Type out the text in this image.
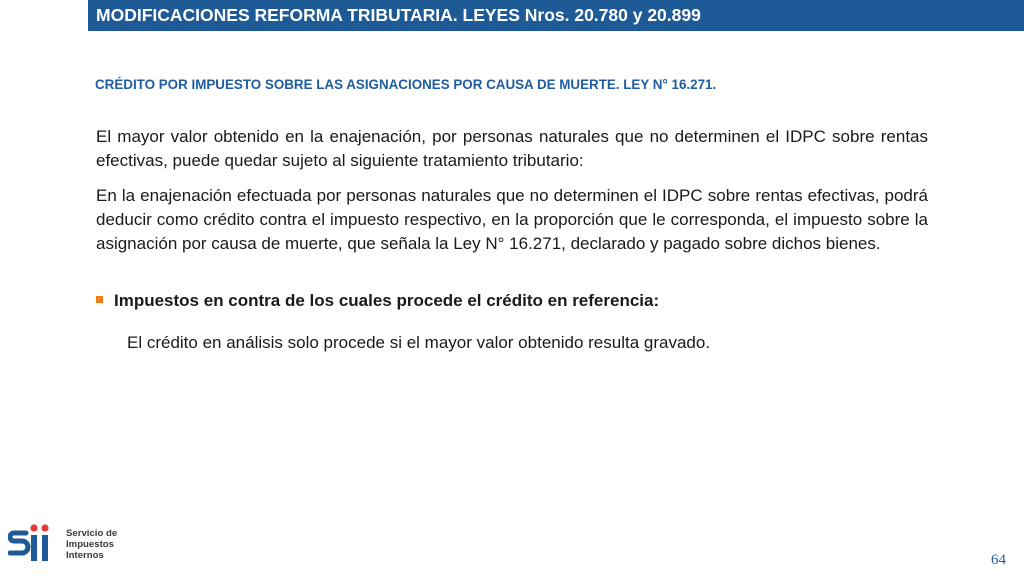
MODIFICACIONES REFORMA TRIBUTARIA. LEYES Nros. 20.780 y 20.899
CRÉDITO POR IMPUESTO SOBRE LAS ASIGNACIONES POR CAUSA DE MUERTE. LEY N° 16.271.
El mayor valor obtenido en la enajenación, por personas naturales que no determinen el IDPC sobre rentas efectivas, puede quedar sujeto al siguiente tratamiento tributario:
En la enajenación efectuada por personas naturales que no determinen el IDPC sobre rentas efectivas, podrá deducir como crédito contra el impuesto respectivo, en la proporción que le corresponda, el impuesto sobre la asignación por causa de muerte, que señala la Ley N° 16.271, declarado y pagado sobre dichos bienes.
Impuestos en contra de los cuales procede el crédito en referencia:
El crédito en análisis solo procede si el mayor valor obtenido resulta gravado.
Servicio de
Impuestos
Internos	64
